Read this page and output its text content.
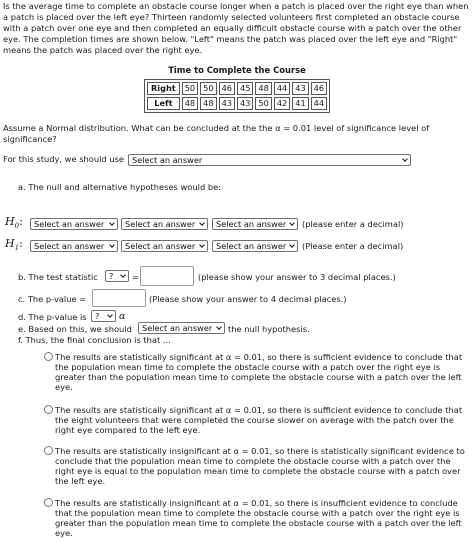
Is the average time to complete an obstacle course longer when a patch is placed over the right eye than when a patch is placed over the left eye? Thirteen randomly selected volunteers first completed an obstacle course with a patch over one eye and then completed an equally difficult obstacle course with a patch over the other eye. The completion times are shown below. "Left" means the patch was placed over the left eye and "Right" means the patch was placed over the right eye.

Time to Complete the Course
Right	50	50	46	45	48	44	43	46
Left	48	48	43	43	50	42	41	44
Assume a Normal distribution. What can be concluded at the the α = 0.01 level of significance level of significance?
For this study, we should use Select an answer
a. The null and alternative hypotheses would be:
$H_0$: Select an answer	Select an answer	Select an answer (please enter a decimal)
$H_1$: Select an answer	Select an answer	Select an answer (Please enter a decimal)
b. The test statistic ? =	(please show your answer to 3 decimal places.)
c. The p-value =	(Please show your answer to 4 decimal places.)
d. The p-value is ? α
e. Based on this, we should Select an answer the null hypothesis.
f. Thus, the final conclusion is that ...
The results are statistically significant at α = 0.01, so there is sufficient evidence to conclude that the population mean time to complete the obstacle course with a patch over the right eye is greater than the population mean time to complete the obstacle course with a patch over the left eye.
The results are statistically significant at α = 0.01, so there is sufficient evidence to conclude that the eight volunteers that were completed the course slower on average with the patch over the right eye compared to the left eye.
The results are statistically insignificant at α = 0.01, so there is statistically significant evidence to conclude that the population mean time to complete the obstacle course with a patch over the right eye is equal to the population mean time to complete the obstacle course with a patch over the left eye.
The results are statistically insignificant at α = 0.01, so there is insufficient evidence to conclude that the population mean time to complete the obstacle course with a patch over the right eye is greater than the population mean time to complete the obstacle course with a patch over the left eye.
